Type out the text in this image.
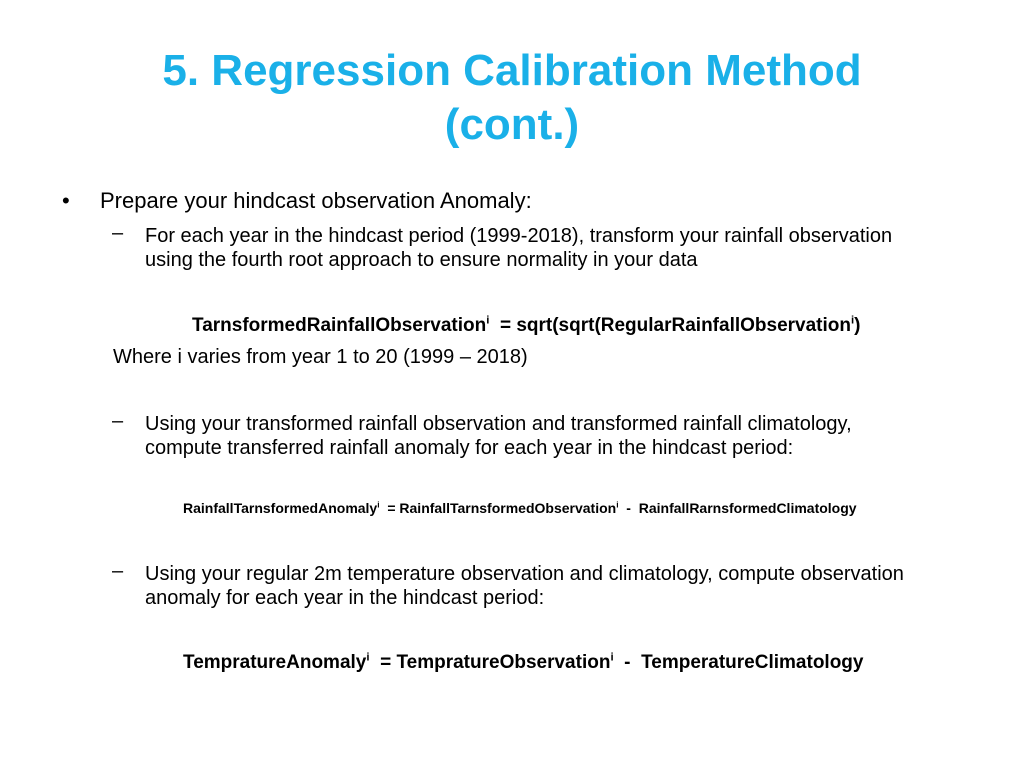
5. Regression Calibration Method
(cont.)
• Prepare your hindcast observation Anomaly:
– For each year in the hindcast period (1999-2018), transform your rainfall observation
using the fourth root approach to ensure normality in your data
TarnsformedRainfallObservation$^i$  = sqrt(sqrt(RegularRainfallObservation$^i$)
Where i varies from year 1 to 20 (1999 – 2018)
– Using your transformed rainfall observation and transformed rainfall climatology,
compute transferred rainfall anomaly for each year in the hindcast period:
RainfallTarnsformedAnomaly$^i$  = RainfallTarnsformedObservation$^i$  -  RainfallRarnsformedClimatology
– Using your regular 2m temperature observation and climatology, compute observation
anomaly for each year in the hindcast period:
TempratureAnomaly$^i$  = TempratureObservation$^i$  -  TemperatureClimatology
